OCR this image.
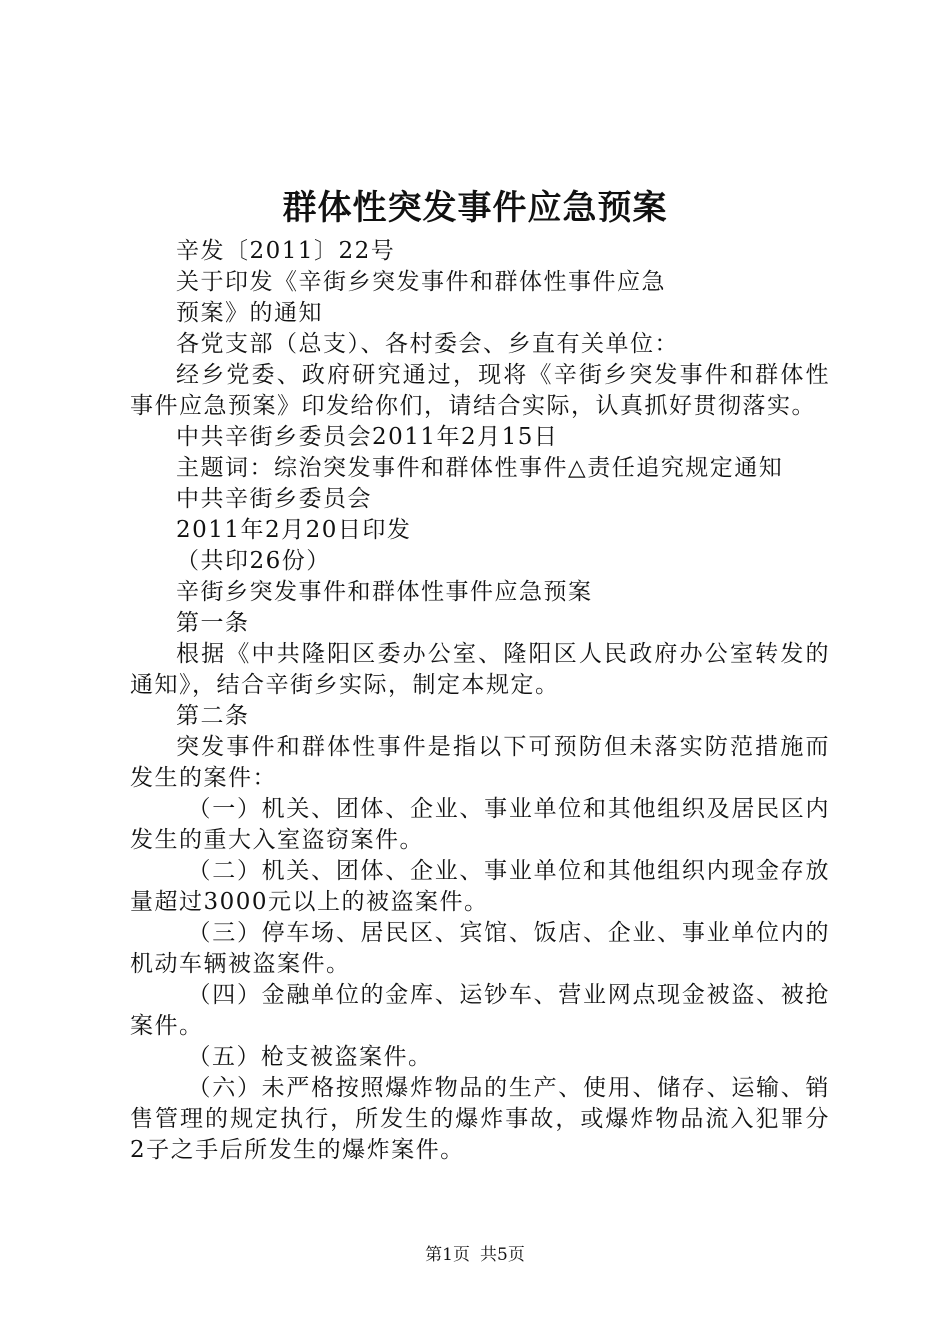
群体性突发事件应急预案

辛发〔2011〕22号

关于印发《辛街乡突发事件和群体性事件应急

预案》的通知

各党支部（总支）、各村委会、乡直有关单位：

经乡党委、政府研究通过，现将《辛街乡突发事件和群体性事件应急预案》印发给你们，请结合实际，认真抓好贯彻落实。

中共辛街乡委员会2011年2月15日

主题词：综治突发事件和群体性事件△责任追究规定通知

中共辛街乡委员会

2011年2月20日印发

（共印26份）

辛街乡突发事件和群体性事件应急预案

第一条

根据《中共隆阳区委办公室、隆阳区人民政府办公室转发的通知》，结合辛街乡实际，制定本规定。

第二条

突发事件和群体性事件是指以下可预防但未落实防范措施而发生的案件：

（一）机关、团体、企业、事业单位和其他组织及居民区内发生的重大入室盗窃案件。

（二）机关、团体、企业、事业单位和其他组织内现金存放量超过3000元以上的被盗案件。

（三）停车场、居民区、宾馆、饭店、企业、事业单位内的机动车辆被盗案件。

（四）金融单位的金库、运钞车、营业网点现金被盗、被抢案件。

（五）枪支被盗案件。

（六）未严格按照爆炸物品的生产、使用、储存、运输、销售管理的规定执行，所发生的爆炸事故，或爆炸物品流入犯罪分2子之手后所发生的爆炸案件。

第1页 共5页
